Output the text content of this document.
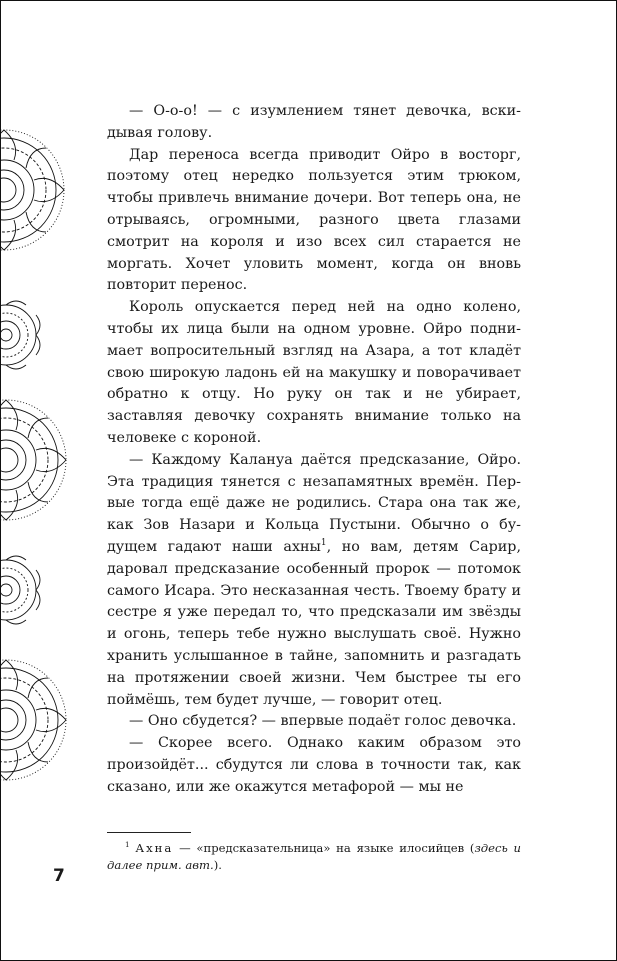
— О-о-о! — с изумлением тянет девочка, вскидывая голову.

Дар переноса всегда приводит Ойро в восторг, поэтому отец нередко пользуется этим трюком, чтобы привлечь внимание дочери. Вот теперь она, не отрываясь, огромными, разного цвета глазами смотрит на короля и изо всех сил старается не моргать. Хочет уловить момент, когда он вновь повторит перенос.

Король опускается перед ней на одно колено, чтобы их лица были на одном уровне. Ойро поднимает вопросительный взгляд на Азара, а тот кладёт свою широкую ладонь ей на макушку и поворачивает обратно к отцу. Но руку он так и не убирает, заставляя девочку сохранять внимание только на человеке с короной.

— Каждому Калануа даётся предсказание, Ойро. Эта традиция тянется с незапамятных времён. Первые тогда ещё даже не родились. Стара она так же, как Зов Назари и Кольца Пустыни. Обычно о будущем гадают наши ахны$^1$, но вам, детям Сарир, даровал предсказание особенный пророк — потомок самого Исара. Это несказанная честь. Твоему брату и сестре я уже передал то, что предсказали им звёзды и огонь, теперь тебе нужно выслушать своё. Нужно хранить услышанное в тайне, запомнить и разгадать на протяжении своей жизни. Чем быстрее ты его поймёшь, тем будет лучше, — говорит отец.

— Оно сбудется? — впервые подаёт голос девочка.

— Скорее всего. Однако каким образом это произойдёт... сбудутся ли слова в точности так, как сказано, или же окажутся метафорой — мы не

$^1$ Ахна — «предсказательница» на языке илосийцев (здесь и далее прим. авт.).

7
